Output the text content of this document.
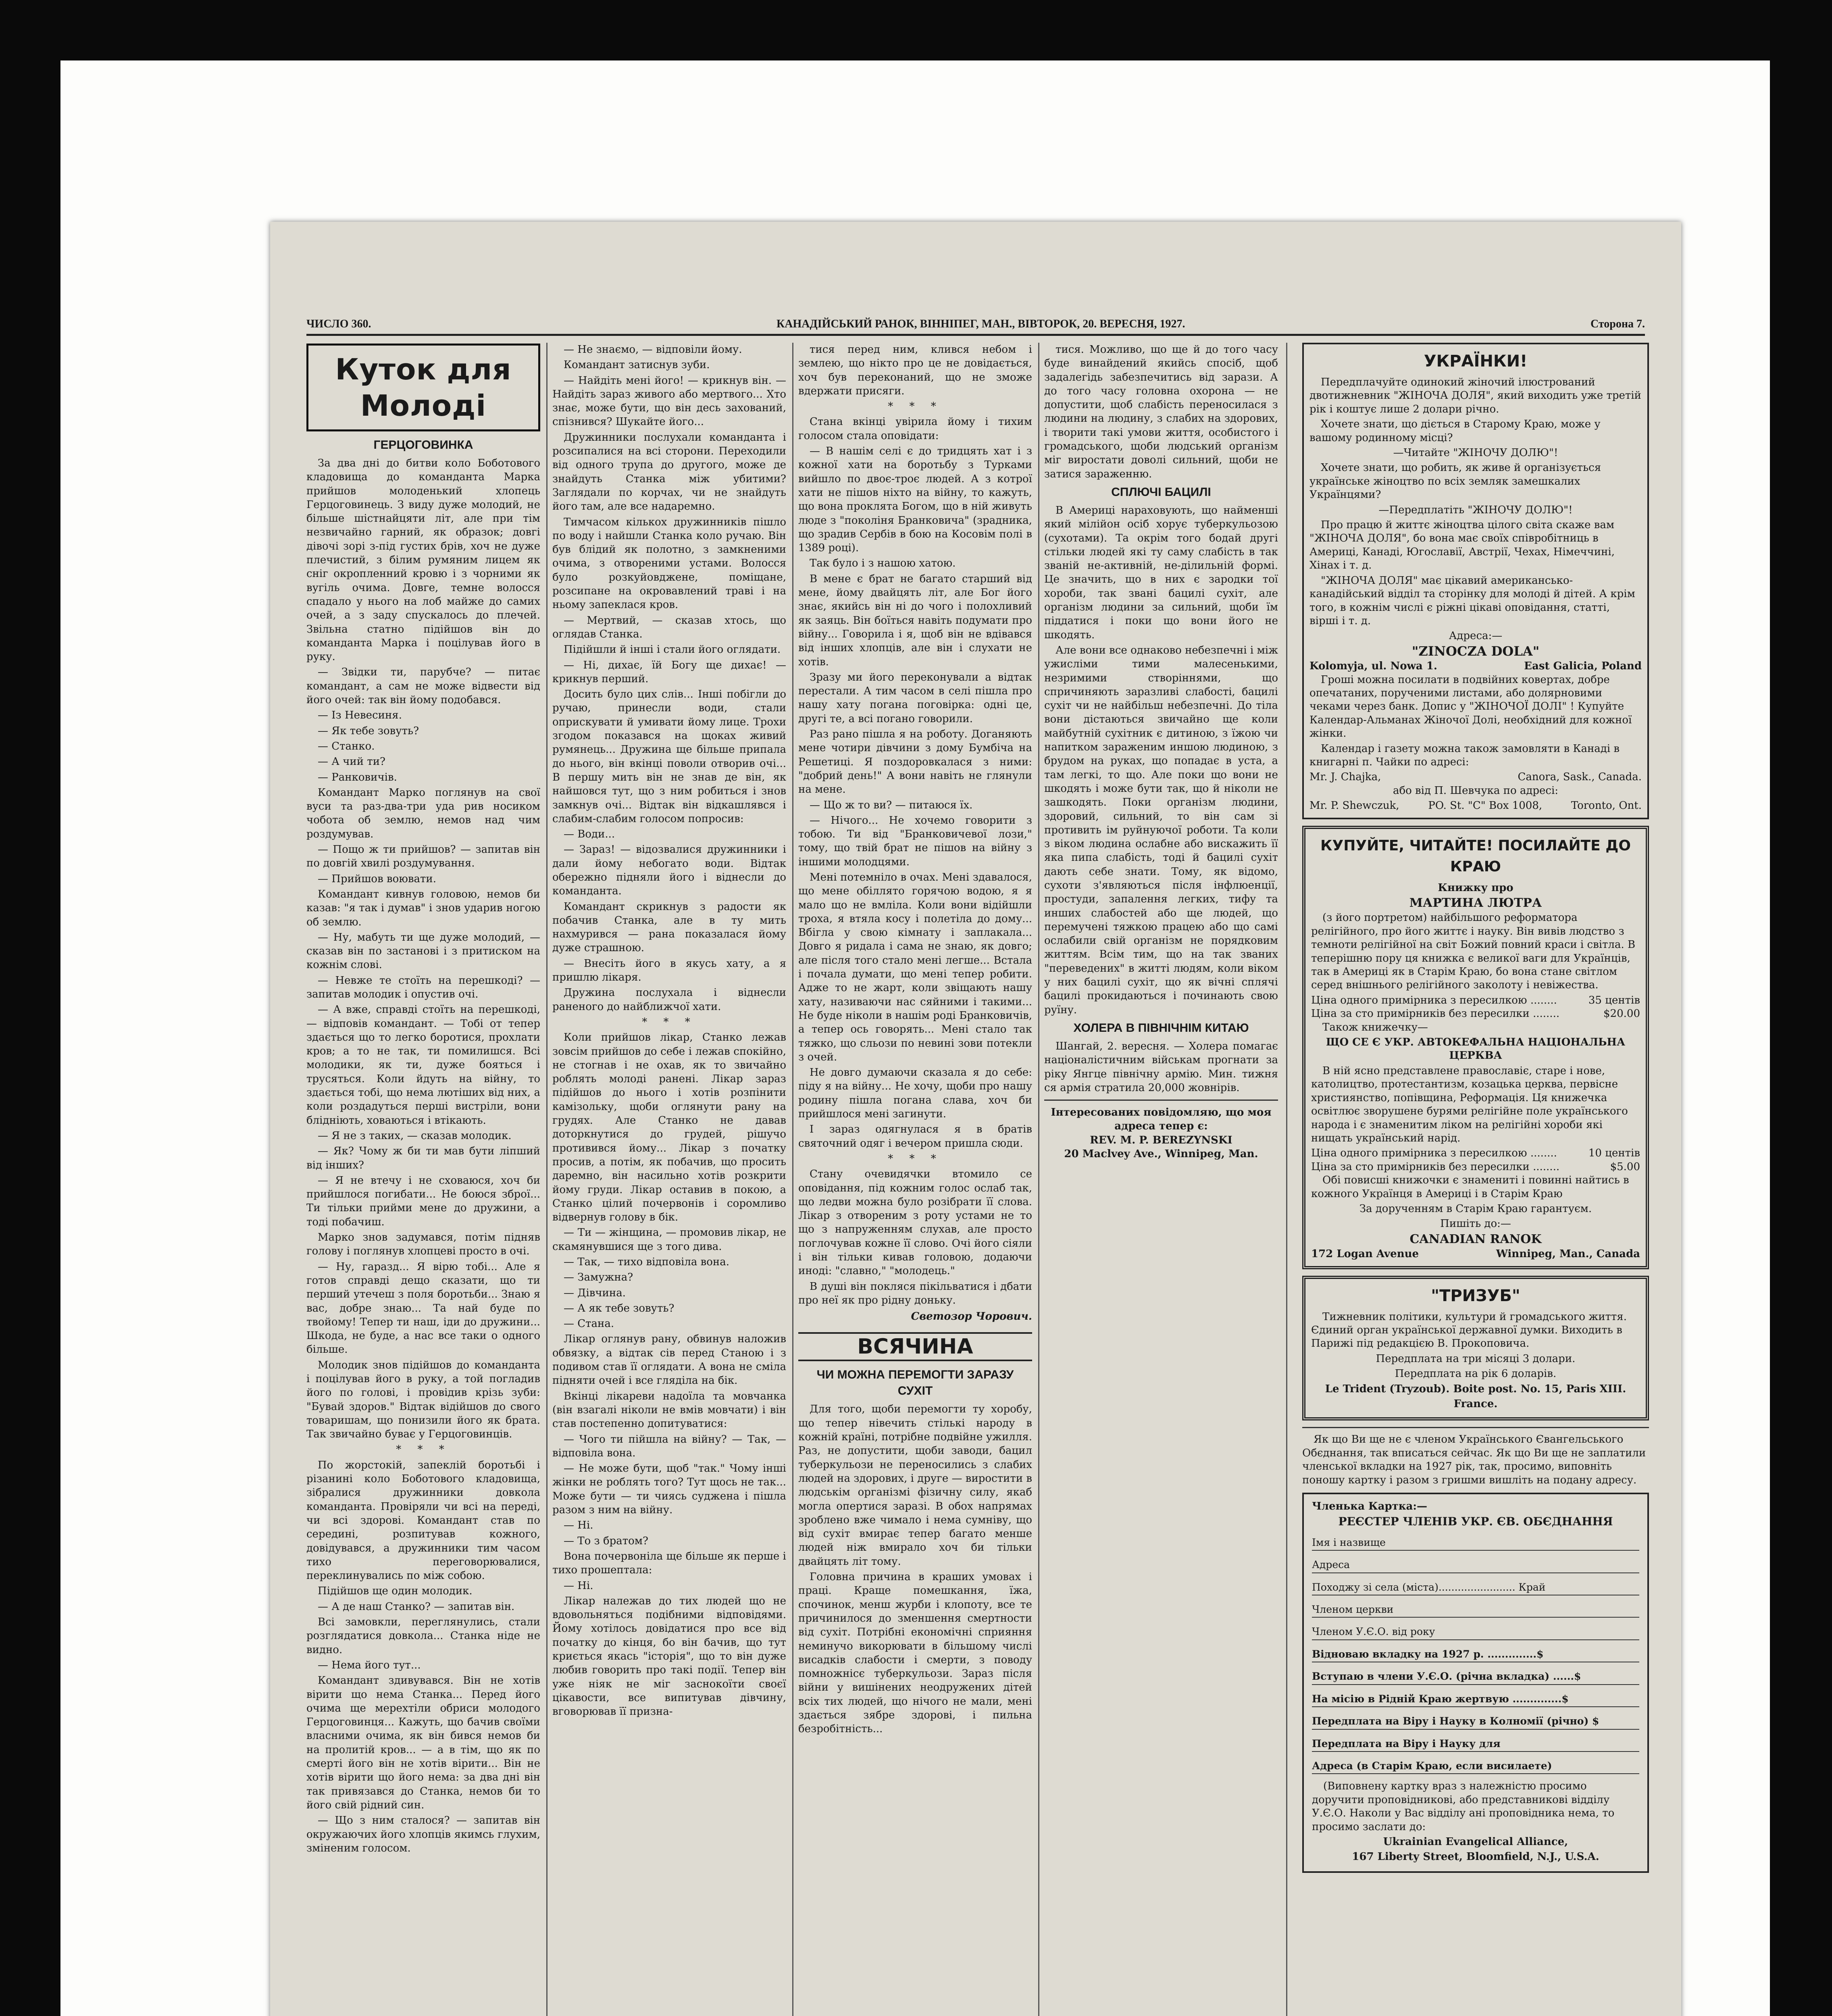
ЧИСЛО 360.	КАНАДІЙСЬКИЙ РАНОК, ВІННІПЕГ, МАН., ВІВТОРОК, 20. ВЕРЕСНЯ, 1927.	Сторона 7.
Куток для Молоді
ГЕРЦОГОВИНКА

За два дні до битви коло Боботового кладовища до команданта Марка прийшов молоденький хлопець Герцоговинець. З виду дуже молодий, не більше шістнайцяти літ, але при тім незвичайно гарний, як образок; довгі дівочі зорі з-під густих брів, хоч не дуже плечистий, з білим румяним лицем як сніг окропленний кровю і з чорними як вугіль очима. Довге, темне волосся спадало у нього на лоб майже до самих очей, а з заду спускалось до плечей. Звільна статно підійшов він до команданта Марка і поцілував його в руку.

— Звідки ти, парубче? — питає командант, а сам не може відвести від його очей: так він йому подобався.

— Із Невесиня.

— Як тебе зовуть?

— Станко.

— А чий ти?

— Ранковичів.

Командант Марко поглянув на свої вуси та раз-два-три уда рив носиком чобота об землю, немов над чим роздумував.

— Пощо ж ти прийшов? — запитав він по довгій хвилі роздумування.

— Прийшов воювати.

Командант кивнув головою, немов би казав: "я так і думав" і знов ударив ногою об землю.

— Ну, мабуть ти ще дуже молодий, — сказав він по застанові і з притиском на кожнім слові.

— Невже те стоїть на перешкоді? — запитав молодик і опустив очі.

— А вже, справді стоїть на перешкоді, — відповів командант. — Тобі от тепер здається що то легко боротися, прохлати кров; а то не так, ти помилишся. Всі молодики, як ти, дуже бояться і трусяться. Коли йдуть на війну, то здається тобі, що нема лютіших від них, а коли роздадуться перші вистріли, вони блідніють, ховаються і втікають.

— Я не з таких, — сказав молодик.

— Як? Чому ж би ти мав бути ліпший від інших?

— Я не втечу і не сховаюся, хоч би прийшлося погибати... Не боюся зброї... Ти тільки прийми мене до дружини, а тоді побачиш.

Марко знов задумався, потім підняв голову і поглянув хлопцеві просто в очі.

— Ну, гаразд... Я вірю тобі... Але я готов справді дещо сказати, що ти перший утечеш з поля боротьби... Знаю я вас, добре знаю... Та най буде по твойому! Тепер ти наш, іди до дружини... Шкода, не буде, а нас все таки о одного більше.

Молодик знов підійшов до команданта і поцілував його в руку, а той погладив його по голові, і провідив крізь зуби: "Бувай здоров." Відтак відійшов до свого товаришам, що понизили його як брата. Так звичайно буває у Герцоговинців.

* * *

По жорстокій, запеклій боротьбі і різанині коло Боботового кладовища, зібралися дружинники довкола команданта. Провіряли чи всі на переді, чи всі здорові. Командант став по середині, розпитував кожного, довідувався, а дружинники тим часом тихо переговорювалися, переклинувались по між собою.

Підійшов ще один молодик.

— А де наш Станко? — запитав він.

Всі замовкли, переглянулись, стали розглядатися довкола... Станка ніде не видно.

— Нема його тут...

Командант здивувався. Він не хотів вірити що нема Станка... Перед його очима ще мерехтіли обриси молодого Герцоговинця... Кажуть, що бачив своїми власними очима, як він бився немов би на пролитій кров... — а в тім, що як по смерті його він не хотів вірити... Він не хотів вірити що його нема: за два дні він так привязався до Станка, немов би то його свій рідний син.

— Що з ним сталося? — запитав він окружаючих його хлопців якимсь глухим, зміненим голосом.

— Не знаємо, — відповіли йому.

Командант затиснув зуби.

— Найдіть мені його! — крикнув він. — Найдіть зараз живого або мертвого... Хто знає, може бути, що він десь захований, спізнився? Шукайте його...

Дружинники послухали команданта і розсипалися на всі сторони. Переходили від одного трупа до другого, може де знайдуть Станка між убитими? Заглядали по корчах, чи не знайдуть його там, але все надаремно.

Тимчасом кількох дружинників пішло по воду і найшли Станка коло ручаю. Він був блідий як полотно, з замкненими очима, з отвореними устами. Волосся було розкуйовджене, поміщане, розсипане на окровавлений траві і на ньому запеклася кров.

— Мертвий, — сказав хтось, що оглядав Станка.

Підійшли й інші і стали його оглядати.

— Ні, дихає, їй Богу ще дихає! — крикнув перший.

Досить було цих слів... Інші побігли до ручаю, принесли води, стали оприскувати й умивати йому лице. Трохи згодом показався на щоках живий румянець... Дружина ще більше припала до нього, він вкінці поволи отворив очі... В першу мить він не знав де він, як найшовся тут, що з ним робиться і знов замкнув очі... Відтак він відкашлявся і слабим-слабим голосом попросив:

— Води...

— Зараз! — відозвалися дружинники і дали йому небогато води. Відтак обережно підняли його і віднесли до команданта.

Командант скрикнув з радости як побачив Станка, але в ту мить нахмурився — рана показалася йому дуже страшною.

— Внесіть його в якусь хату, а я пришлю лікаря.

Дружина послухала і віднесли раненого до найближчої хати.

* * *

Коли прийшов лікар, Станко лежав зовсім прийшов до себе і лежав спокійно, не стогнав і не охав, як то звичайно роблять молоді ранені. Лікар зараз підійшов до нього і хотів розпінити камізольку, щоби оглянути рану на грудях. Але Станко не давав доторкнутися до грудей, рішучо противився йому... Лікар з початку просив, а потім, як побачив, що просить даремно, він насильно хотів розкрити йому груди. Лікар оставив в покою, а Станко цілий почервонів і соромливо відвернув голову в бік.

— Ти — жінщина, — промовив лікар, не скамянувшися ще з того дива.

— Так, — тихо відповіла вона.

— Замужна?

— Дівчина.

— А як тебе зовуть?

— Стана.

Лікар оглянув рану, обвинув наложив обвязку, а відтак сів перед Станою і з подивом став її оглядати. А вона не сміла підняти очей і все гляділа на бік.

Вкінці лікареви надоїла та мовчанка (він взагалі ніколи не вмів мовчати) і він став постепенно допитуватися:

— Чого ти пійшла на війну? — Так, — відповіла вона.

— Не може бути, щоб "так." Чому інші жінки не роблять того? Тут щось не так... Може бути — ти чиясь суджена і пішла разом з ним на війну.

— Ні.

— То з братом?

Вона почервоніла ще більше як перше і тихо прошептала:

— Ні.

Лікар належав до тих людей що не вдовольняться подібними відповідями. Йому хотілось довідатися про все від початку до кінця, бо він бачив, що тут криється якась "історія", що то він дуже любив говорить про такі події. Тепер він уже ніяк не міг заснокоїти своєї цікавости, все випитував дівчину, вговорював її призна-

тися перед ним, клився небом і землею, що нікто про це не довідається, хоч був переконаний, що не зможе вдержати присяги.

* * *

Стана вкінці увірила йому і тихим голосом стала оповідати:

— В нашім селі є до тридцять хат і з кожної хати на боротьбу з Турками вийшло по двоє-троє людей. А з котрої хати не пішов ніхто на війну, то кажуть, що вона проклята Богом, що в ній живуть люде з "поколіня Бранковича" (зрадника, що зрадив Сербів в бою на Косовім полі в 1389 році).

Так було і з нашою хатою.

В мене є брат не багато старший від мене, йому двайцять літ, але Бог його знає, якийсь він ні до чого і полохливий як заяць. Він боїться навіть подумати про війну... Говорила і я, щоб він не вдівався від інших хлопців, але він і слухати не хотів.

Зразу ми його переконували а відтак перестали. А тим часом в селі пішла про нашу хату погана поговірка: одні це, другі те, а всі погано говорили.

Раз рано пішла я на роботу. Доганяють мене чотири дівчини з дому Бумбіча на Решетиці. Я поздоровкалася з ними: "добрий день!" А вони навіть не глянули на мене.

— Що ж то ви? — питаюся їх.

— Нічого... Не хочемо говорити з тобою. Ти від "Бранковичевої лози," тому, що твій брат не пішов на війну з іншими молодцями.

Мені потемніло в очах. Мені здавалося, що мене обіллято горячою водою, я я мало що не вмліла. Коли вони відійшли троха, я втяла косу і полетіла до дому... Вбігла у свою кімнату і заплакала... Довго я ридала і сама не знаю, як довго; але після того стало мені легше... Встала і почала думати, що мені тепер робити. Адже то не жарт, коли звіщають нашу хату, називаючи нас сяйними і такими... Не буде ніколи в нашім роді Бранковичів, а тепер ось говорять... Мені стало так тяжко, що сльози по невині зови потекли з очей.

Не довго думаючи сказала я до себе: піду я на війну... Не хочу, щоби про нашу родину пішла погана слава, хоч би прийшлося мені загинути.

І зараз одягнулася я в братів святочний одяг і вечером пришла сюди.

* * *

Стану очевидячки втомило се оповідання, під кожним голос ослаб так, що ледви можна було розібрати її слова. Лікар з отвореним з роту устами не то що з напруженням слухав, але просто поглочував кожне її слово. Очі його сіяли і він тільки кивав головою, додаючи иноді: "славно," "молодець."

В душі він покляся пікільватися і дбати про неї як про рідну доньку.

Светозор Чорович.

ВСЯЧИНА
ЧИ МОЖНА ПЕРЕМОГТИ ЗАРАЗУ СУХІТ

Для того, щоби перемогти ту хоробу, що тепер нівечить стількі народу в кожній країні, потрібне подвійне ужилля. Раз, не допустити, щоби заводи, бацил туберкульози не переносились з слабих людей на здорових, і друге — виростити в людськім організмі фізичну силу, якаб могла опертися заразі. В обох напрямах зроблено вже чимало і нема сумніву, що від сухіт вмирає тепер багато менше людей ніж вмирало хоч би тільки двайцять літ тому.

Головна причина в краших умовах і праці. Краще помешкання, їжа, спочинок, менш журби і клопоту, все те причинилося до зменшення смертности від сухіт. Потрібні економічні сприяння неминучо викорювати в більшому числі висадків слабости і смерти, з поводу помножнісє туберкульози. Зараз після війни у вишінених неодружених дітей всіх тих людей, що нічого не мали, мені здається зябре здорові, і пильна безробітність...

тися. Можливо, що ще й до того часу буде винайдений якийсь спосіб, щоб задалегідь забезпечитись від зарази. А до того часу головна охорона — не допустити, щоб слабість переносилася з людини на людину, з слабих на здорових, і творити такі умови життя, особистого і громадського, щоби людський організм міг виростати доволі сильний, щоби не затися зараженню.

СПЛЮЧІ БАЦИЛІ

В Америці нараховують, що найменші який мілійон осіб хорує туберкульозою (сухотами). Та окрім того бодай другі стільки людей які ту саму слабість в так званій не-активній, не-ділильній формі. Це значить, що в них є зародки тої хороби, так звані бацилі сухіт, але організм людини за сильний, щоби їм піддатися і поки що вони його не шкодять.

Але вони все однаково небезпечні і між ужисліми тими малесенькими, незримими створіннями, що спричиняють заразливі слабості, бацилі сухіт чи не найбільш небезпечні. До тіла вони дістаються звичайно ще коли майбутній сухітник є дитиною, з їжою чи напитком зараженим иншою людиною, з брудом на руках, що попадає в уста, а там легкі, то що. Але поки що вони не шкодять і може бути так, що й ніколи не зашкодять. Поки організм людини, здоровий, сильний, то він сам зі противить ім руйнуючої роботи. Та коли з віком людина ослабне або вискажить її яка пипа слабість, тоді й бацилі сухіт дають себе знати. Тому, як відомо, сухоти з'являються після інфлюенції, простуди, запалення легких, тифу та инших слабостей або ще людей, що перемучені тяжкою працею або що самі ослабили свій організм не порядковим життям. Всім тим, що на так званих "переведених" в житті людям, коли віком у них бацилі сухіт, що як вічні сплячі бацилі прокидаються і починають свою руїну.

ХОЛЕРА В ПІВНІЧНІМ КИТАЮ

Шангай, 2. вересня. — Холера помагає націоналістичним військам прогнати за ріку Янгце північну армію. Мин. тижня ся армія стратила 20,000 жовнірів.

Інтересованих повідомляю, що моя адреса тепер є:
REV. M. P. BEREZYNSKI
20 Maclvey Ave., Winnipeg, Man.
УКРАЇНКИ!

Передплачуйте одинокий жіночий ілюстрований двотижневник "ЖІНОЧА ДОЛЯ", який виходить уже третій рік і коштує лише 2 долари річно.

Хочете знати, що діється в Старому Краю, може у вашому родинному місці?

—Читайте "ЖІНОЧУ ДОЛЮ"!

Хочете знати, що робить, як живе й організується українське жіноцтво по всіх земляк замешкалих Українцями?

—Передплатіть "ЖІНОЧУ ДОЛЮ"!

Про працю й життє жіноцтва цілого світа скаже вам "ЖІНОЧА ДОЛЯ", бо вона має своїх співробітниць в Америці, Канаді, Югославії, Австрії, Чехах, Німеччині, Хінах і т. д.

"ЖІНОЧА ДОЛЯ" має цікавий американсько-канадійський відділ та сторінку для молоді й дітей. А крім того, в кожнім числі є ріжні цікаві оповідання, статті, вірші і т. д.

Адреса:—

"ZINOCZA DOLA"

Kolomyja, ul. Nowa 1.	East Galicia, Poland

Гроші можна посилати в подвійних ковертах, добре опечатаних, порученими листами, або долярновими чеками через банк. Допис у "ЖІНОЧОЇ ДОЛІ" ! Купуйте Календар-Альманах Жіночої Долі, необхідний для кожної жінки.

Календар і газету можна також замовляти в Канаді в книгарні п. Чайки по адресі:

Mr. J. Chajka,	Canora, Sask., Canada.

або від П. Шевчука по адресі:

Mr. P. Shewczuk,	PO. St. "C" Box 1008,	Toronto, Ont.
КУПУЙТЕ, ЧИТАЙТЕ! ПОСИЛАЙТЕ ДО КРАЮ

Книжку про

МАРТИНА ЛЮТРА

(з його портретом) найбільшого реформатора релігійного, про його життє і науку. Він вивів людство з темноти релігійної на світ Божий повний краси і світла. В теперішню пору ця книжка є великої ваги для Українців, так в Америці як в Старім Краю, бо вона стане світлом серед внішнього релігійного заколоту і невіжества.

Ціна одного примірника з пересилкою ........	35 центів
Ціна за сто примірників без пересилки ........	$20.00

Також книжечку—

ЩО СЕ Є УКР. АВТОКЕФАЛЬНА НАЦІОНАЛЬНА ЦЕРКВА

В ній ясно представлене православіє, старе і нове, католицтво, протестантизм, козацька церква, первісне християнство, попівщина, Реформація. Ця книжечка освітлює зворушене бурями релігійне поле українського народа і є знаменитим ліком на релігійні хороби які нищать український нарід.

Ціна одного примірника з пересилкою ........	10 центів
Ціна за сто примірників без пересилки ........	$5.00

Обі повисші книжочки є знамениті і повинні найтись в кожного Українця в Америці і в Старім Краю

За дорученням в Старім Краю гарантуєм.

Пишіть до:—

CANADIAN RANOK

172 Logan Avenue	Winnipeg, Man., Canada
"ТРИЗУБ"

Тижневник політики, культури й громадського життя. Єдиний орган української державної думки. Виходить в Парижі під редакцією В. Прокоповича.

Передплата на три місяці 3 долари.

Передплата на рік 6 доларів.

Le Trident (Tryzoub). Boite post. No. 15, Paris XIII.

France.

Як що Ви ще не є членом Українського Євангельського Обєднання, так вписаться сейчас. Як що Ви ще не заплатили членської вкладки на 1927 рік, так, просимо, виповніть поношу картку і разом з гришми вишліть на подану адресу.

Членька Картка:—

РЕЄСТЕР ЧЛЕНІВ УКР. ЄВ. ОБЄДНАННЯ

Імя і назвище
Адреса
Походжу зі села (міста)........................ Край
Членом церкви
Членом У.Є.О. від року
Відноваю вкладку на 1927 р. ..............$
Вступаю в члени У.Є.О. (річна вкладка) ......$
На місію в Рідній Краю жертвую ..............$
Передплата на Віру і Науку в Колномії (річно) $
Передплата на Віру і Науку для
Адреса (в Старім Краю, если висилаете)

(Виповнену картку враз з належністю просимо доручити проповідникові, або представникові відділу У.Є.О. Наколи у Вас відділу ані проповідника нема, то просимо заслати до:

Ukrainian Evangelical Alliance,

167 Liberty Street, Bloomfield, N.J., U.S.A.
